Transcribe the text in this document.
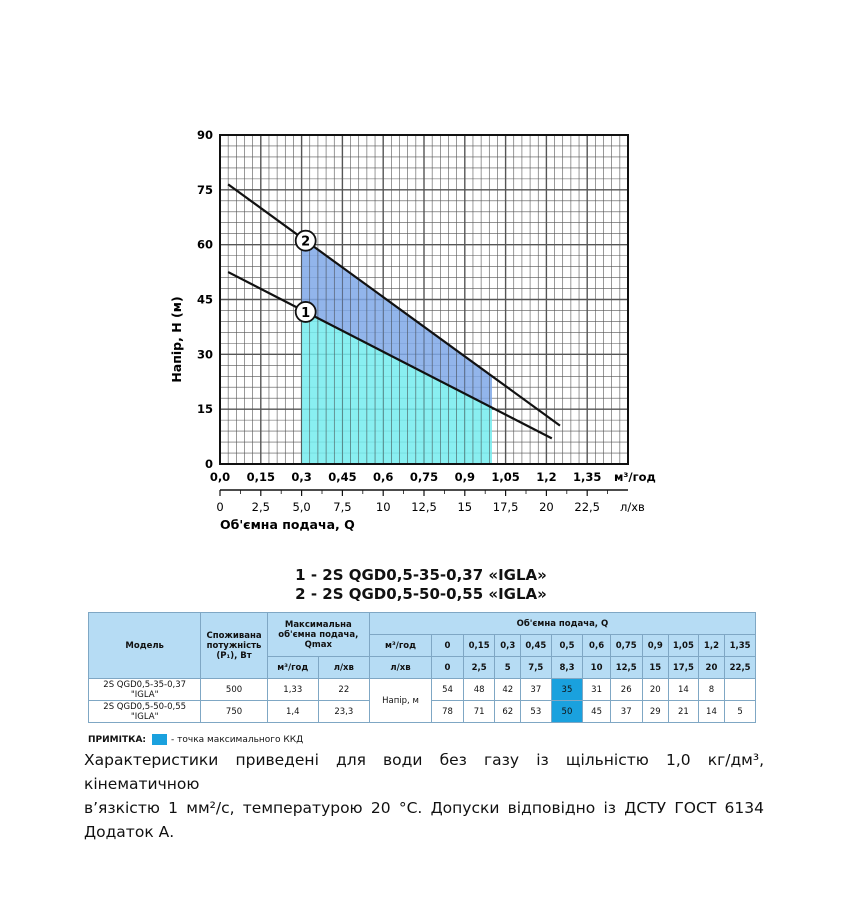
0
15
30
45
60
75
90
0,0 0,15 0,3 0,45 0,6 0,75 0,9 1,05 1,2 1,35 м³/год
0 2,5 5,0 7,5 10 12,5 15 17,5 20 22,5 л/хв
Об'ємна подача, Q
Напір, Н (м)	1
2
1 - 2S QGD0,5-35-0,37 «IGLA»
2 - 2S QGD0,5-50-0,55 «IGLA»
Модель	Споживана потужність (P₁), Вт	Максимальна об'ємна подача, Qmax		Об'ємна подача, Q											
				м³/год	0	0,15	0,3	0,45	0,5	0,6	0,75	0,9	1,05	1,2	1,35
		м³/год	л/хв	л/хв	0	2,5	5	7,5	8,3	10	12,5	15	17,5	20	22,5
2S QGD0,5-35-0,37 "IGLA"	500	1,33	22	Напір, м	54	48	42	37	35	31	26	20	14	8	
2S QGD0,5-50-0,55 "IGLA"	750	1,4	23,3		78	71	62	53	50	45	37	29	21	14	5
ПРИМІТКА:	- точка максимального ККД

Характеристики приведені для води без газу із щільністю 1,0 кг/дм³, кінематичною

в’язкістю 1 мм²/с, температурою 20 °С. Допуски відповідно із ДСТУ ГОСТ 6134 Додаток А.
